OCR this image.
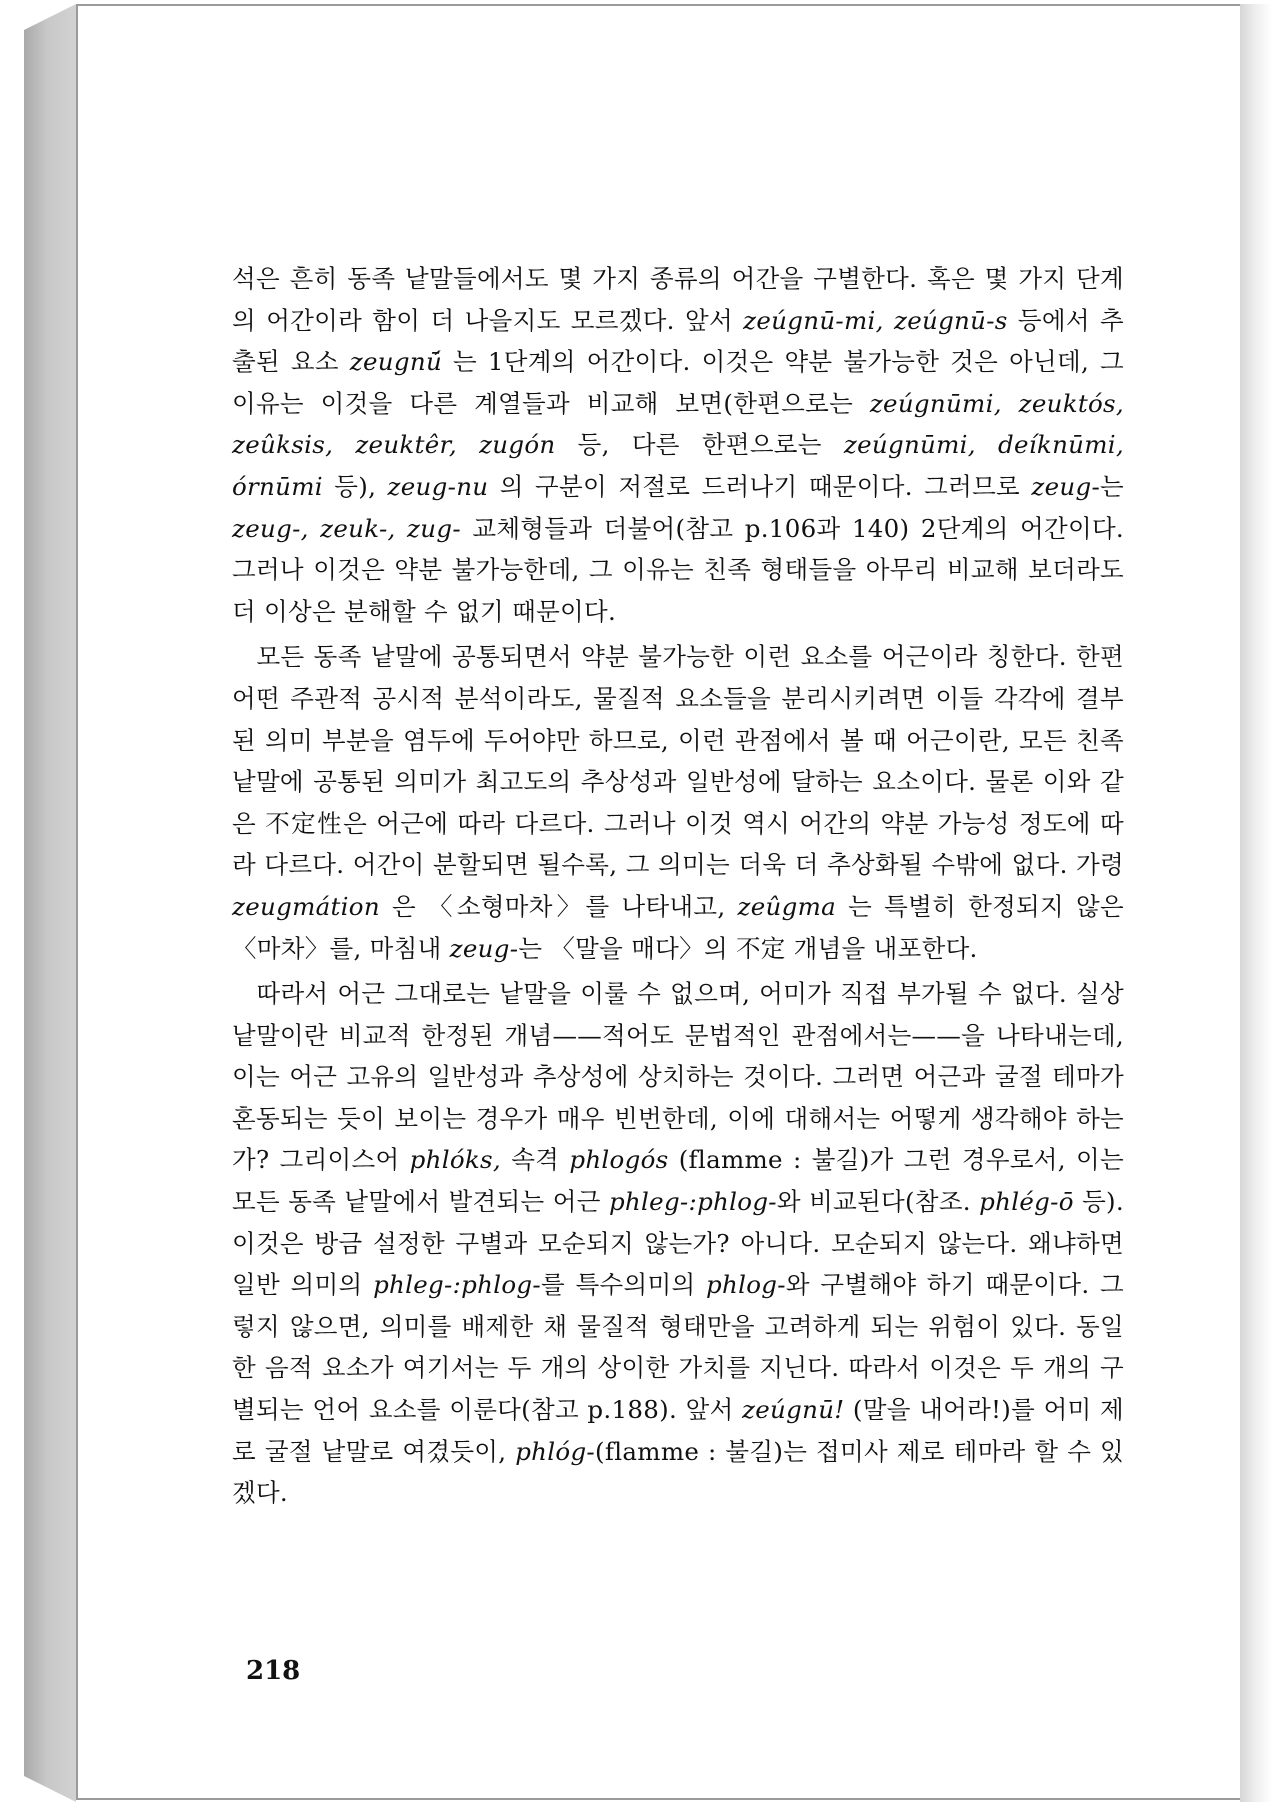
석은 흔히 동족 낱말들에서도 몇 가지 종류의 어간을 구별한다. 혹은 몇 가지 단계의 어간이라 함이 더 나을지도 모르겠다. 앞서 zeúgnū-mi, zeúgnū-s 등에서 추출된 요소 zeugnū́ 는 1단계의 어간이다. 이것은 약분 불가능한 것은 아닌데, 그 이유는 이것을 다른 계열들과 비교해 보면(한편으로는 zeúgnūmi, zeuktós, zeûksis, zeuktêr, zugón 등, 다른 한편으로는 zeúgnūmi, deíknūmi, órnūmi 등), zeug-nu 의 구분이 저절로 드러나기 때문이다. 그러므로 zeug-는 zeug-, zeuk-, zug- 교체형들과 더불어(참고 p.106과 140) 2단계의 어간이다. 그러나 이것은 약분 불가능한데, 그 이유는 친족 형태들을 아무리 비교해 보더라도 더 이상은 분해할 수 없기 때문이다.

모든 동족 낱말에 공통되면서 약분 불가능한 이런 요소를 어근이라 칭한다. 한편 어떤 주관적 공시적 분석이라도, 물질적 요소들을 분리시키려면 이들 각각에 결부된 의미 부분을 염두에 두어야만 하므로, 이런 관점에서 볼 때 어근이란, 모든 친족 낱말에 공통된 의미가 최고도의 추상성과 일반성에 달하는 요소이다. 물론 이와 같은 不定性은 어근에 따라 다르다. 그러나 이것 역시 어간의 약분 가능성 정도에 따라 다르다. 어간이 분할되면 될수록, 그 의미는 더욱 더 추상화될 수밖에 없다. 가령 zeugmátion 은 〈소형마차〉를 나타내고, zeûgma 는 특별히 한정되지 않은 〈마차〉를, 마침내 zeug-는 〈말을 매다〉의 不定 개념을 내포한다.

따라서 어근 그대로는 낱말을 이룰 수 없으며, 어미가 직접 부가될 수 없다. 실상 낱말이란 비교적 한정된 개념——적어도 문법적인 관점에서는——을 나타내는데, 이는 어근 고유의 일반성과 추상성에 상치하는 것이다. 그러면 어근과 굴절 테마가 혼동되는 듯이 보이는 경우가 매우 빈번한데, 이에 대해서는 어떻게 생각해야 하는가? 그리이스어 phlóks, 속격 phlogós (flamme : 불길)가 그런 경우로서, 이는 모든 동족 낱말에서 발견되는 어근 phleg-:phlog-와 비교된다(참조. phlég-ō 등). 이것은 방금 설정한 구별과 모순되지 않는가? 아니다. 모순되지 않는다. 왜냐하면 일반 의미의 phleg-:phlog-를 특수의미의 phlog-와 구별해야 하기 때문이다. 그렇지 않으면, 의미를 배제한 채 물질적 형태만을 고려하게 되는 위험이 있다. 동일한 음적 요소가 여기서는 두 개의 상이한 가치를 지닌다. 따라서 이것은 두 개의 구별되는 언어 요소를 이룬다(참고 p.188). 앞서 zeúgnū! (말을 내어라!)를 어미 제로 굴절 낱말로 여겼듯이, phlóg-(flamme : 불길)는 접미사 제로 테마라 할 수 있겠다.

218
